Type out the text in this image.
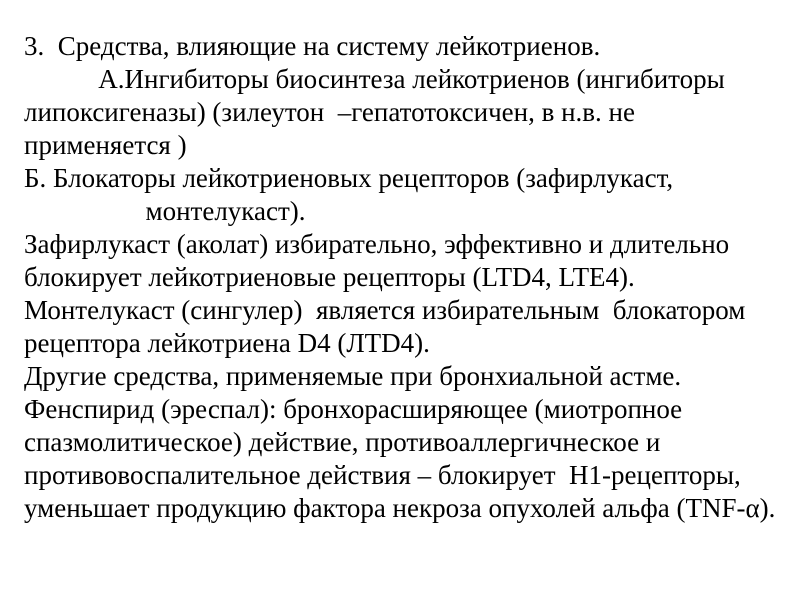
3.  Средства, влияющие на систему лейкотриенов.
А.Ингибиторы биосинтеза лейкотриенов (ингибиторы
липоксигеназы) (зилеутон  –гепатотоксичен, в н.в. не
применяется )
Б. Блокаторы лейкотриеновых рецепторов (зафирлукаст,
монтелукаст).
Зафирлукаст (аколат) избирательно, эффективно и длительно
блокирует лейкотриеновые рецепторы (LTD4, LTE4).
Монтелукаст (сингулер)  является избирательным  блокатором
рецептора лейкотриена D4 (ЛТD4).
Другие средства, применяемые при бронхиальной астме.
Фенспирид (эреспал): бронхорасширяющее (миотропное
спазмолитическое) действие, противоаллергичнеское и
противовоспалительное действия – блокирует  Н1-рецепторы,
уменьшает продукцию фактора некроза опухолей альфа (TNF-α).
